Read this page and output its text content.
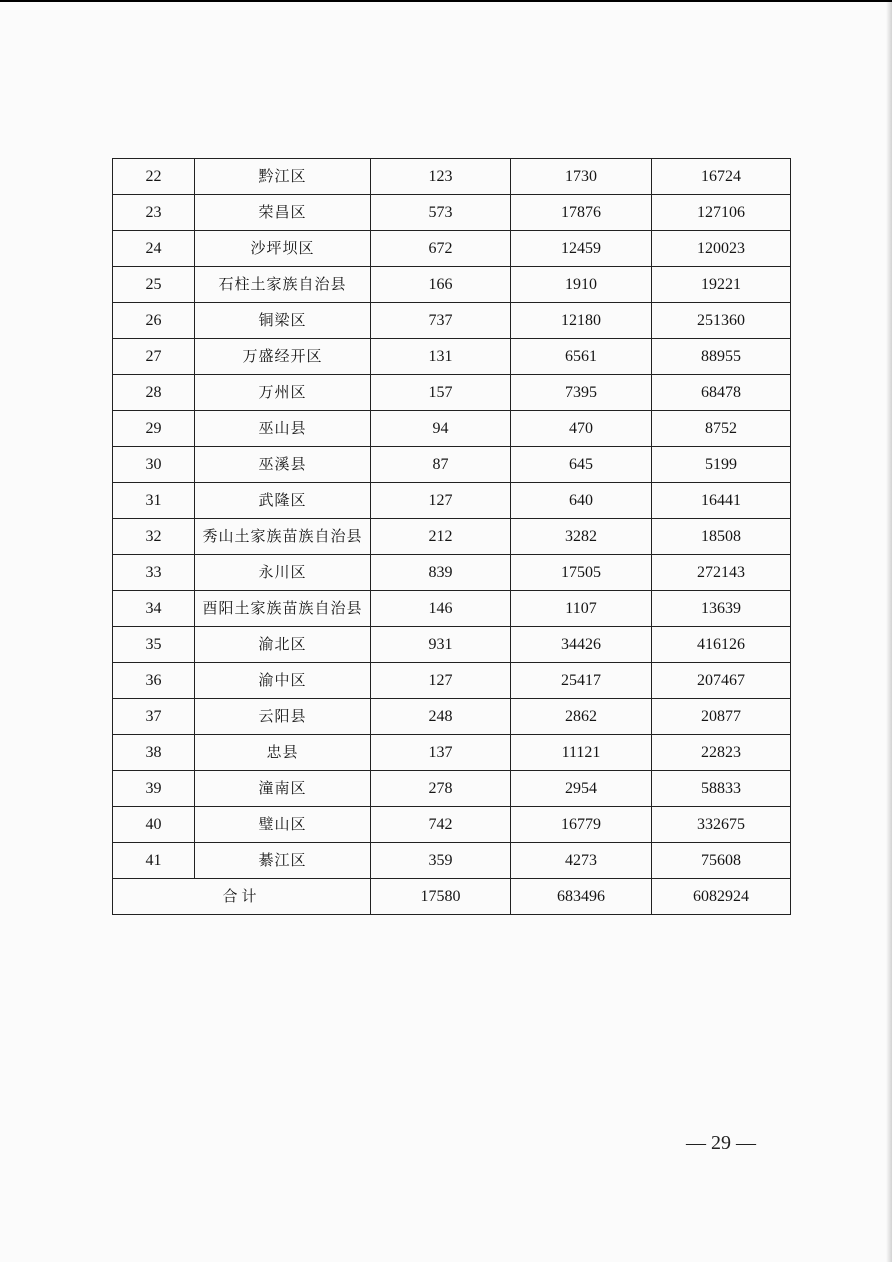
22	黔江区	123	1730	16724
23	荣昌区	573	17876	127106
24	沙坪坝区	672	12459	120023
25	石柱土家族自治县	166	1910	19221
26	铜梁区	737	12180	251360
27	万盛经开区	131	6561	88955
28	万州区	157	7395	68478
29	巫山县	94	470	8752
30	巫溪县	87	645	5199
31	武隆区	127	640	16441
32	秀山土家族苗族自治县	212	3282	18508
33	永川区	839	17505	272143
34	酉阳土家族苗族自治县	146	1107	13639
35	渝北区	931	34426	416126
36	渝中区	127	25417	207467
37	云阳县	248	2862	20877
38	忠县	137	11121	22823
39	潼南区	278	2954	58833
40	璧山区	742	16779	332675
41	綦江区	359	4273	75608
合计		17580	683496	6082924
— 29 —
